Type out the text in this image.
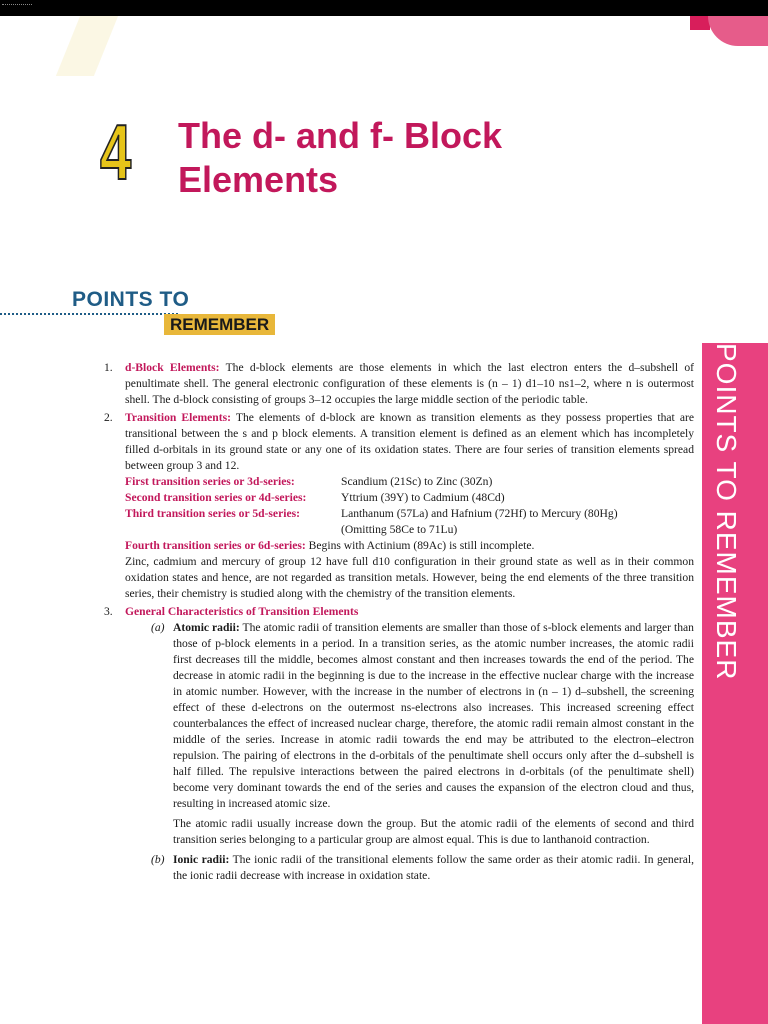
4 The d- and f- Block
Elements
POINTS TO
REMEMBER
POINTS TO REMEMBER
1. d-Block Elements: The d-block elements are those elements in which the last electron enters the d–subshell of penultimate shell. The general electronic configuration of these elements is (n – 1) d1–10 ns1–2, where n is outermost shell. The d-block consisting of groups 3–12 occupies the large middle section of the periodic table.
2. Transition Elements: The elements of d-block are known as transition elements as they possess properties that are transitional between the s and p block elements. A transition element is defined as an element which has incompletely filled d-orbitals in its ground state or any one of its oxidation states. There are four series of transition elements spread between group 3 and 12.
First transition series or 3d-series:	Scandium (21Sc) to Zinc (30Zn)
Second transition series or 4d-series:	Yttrium (39Y) to Cadmium (48Cd)
Third transition series or 5d-series:	Lanthanum (57La) and Hafnium (72Hf) to Mercury (80Hg)
(Omitting 58Ce to 71Lu)
Fourth transition series or 6d-series: Begins with Actinium (89Ac) is still incomplete.
Zinc, cadmium and mercury of group 12 have full d10 configuration in their ground state as well as in their common oxidation states and hence, are not regarded as transition metals. However, being the end elements of the three transition series, their chemistry is studied along with the chemistry of the transition elements.
3. General Characteristics of Transition Elements
(a) Atomic radii: The atomic radii of transition elements are smaller than those of s-block elements and larger than those of p-block elements in a period. In a transition series, as the atomic number increases, the atomic radii first decreases till the middle, becomes almost constant and then increases towards the end of the period. The decrease in atomic radii in the beginning is due to the increase in the effective nuclear charge with the increase in atomic number. However, with the increase in the number of electrons in (n – 1) d–subshell, the screening effect of these d-electrons on the outermost ns-electrons also increases. This increased screening effect counterbalances the effect of increased nuclear charge, therefore, the atomic radii remain almost constant in the middle of the series. Increase in atomic radii towards the end may be attributed to the electron–electron repulsion. The pairing of electrons in the d-orbitals of the penultimate shell occurs only after the d–subshell is half filled. The repulsive interactions between the paired electrons in d-orbitals (of the penultimate shell) become very dominant towards the end of the series and causes the expansion of the electron cloud and thus, resulting in increased atomic size.
The atomic radii usually increase down the group. But the atomic radii of the elements of second and third transition series belonging to a particular group are almost equal. This is due to lanthanoid contraction.
(b) Ionic radii: The ionic radii of the transitional elements follow the same order as their atomic radii. In general, the ionic radii decrease with increase in oxidation state.
